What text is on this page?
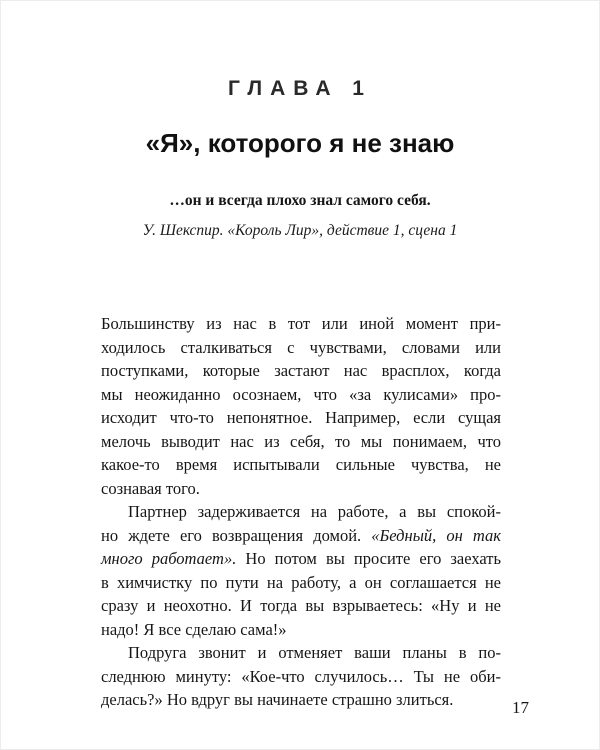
ГЛАВА 1
«Я», которого я не знаю
…он и всегда плохо знал самого себя.
У. Шекспир. «Король Лир», действие 1, сцена 1
Большинству из нас в тот или иной момент при-
ходилось сталкиваться с чувствами, словами или
поступками, которые застают нас врасплох, когда
мы неожиданно осознаем, что «за кулисами» про-
исходит что-то непонятное. Например, если сущая
мелочь выводит нас из себя, то мы понимаем, что
какое-то время испытывали сильные чувства, не
сознавая того.
Партнер задерживается на работе, а вы спокой-
но ждете его возвращения домой. «Бедный, он так
много работает». Но потом вы просите его заехать
в химчистку по пути на работу, а он соглашается не
сразу и неохотно. И тогда вы взрываетесь: «Ну и не
надо! Я все сделаю сама!»
Подруга звонит и отменяет ваши планы в по-
следнюю минуту: «Кое-что случилось… Ты не оби-
делась?» Но вдруг вы начинаете страшно злиться.	17
